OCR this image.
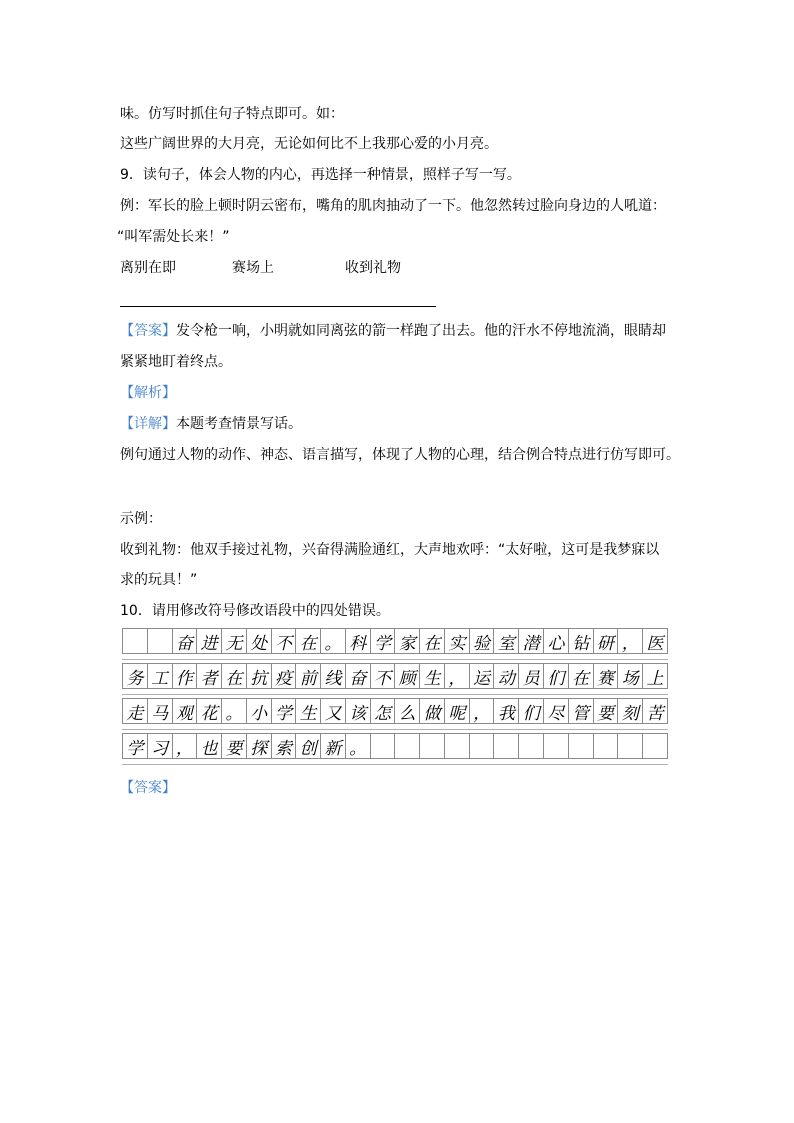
味。仿写时抓住句子特点即可。如：
这些广阔世界的大月亮，无论如何比不上我那心爱的小月亮。
9．读句子，体会人物的内心，再选择一种情景，照样子写一写。
例：军长的脸上顿时阴云密布，嘴角的肌肉抽动了一下。他忽然转过脸向身边的人吼道：
“叫军需处长来！”
离别在即	赛场上	收到礼物
【答案】发令枪一响，小明就如同离弦的箭一样跑了出去。他的汗水不停地流淌，眼睛却
紧紧地盯着终点。
【解析】
【详解】本题考查情景写话。
例句通过人物的动作、神态、语言描写，体现了人物的心理，结合例合特点进行仿写即可。
示例：
收到礼物：他双手接过礼物，兴奋得满脸通红，大声地欢呼：“太好啦，这可是我梦寐以
求的玩具！”
10．请用修改符号修改语段中的四处错误。
奋 进 无 处 不 在 。 科 学 家 在 实 验 室 潜 心 钻 研 ， 医
务 工 作 者 在 抗 疫 前 线 奋 不 顾 生 ， 运 动 员 们 在 赛 场 上
走 马 观 花 。 小 学 生 又 该 怎 么 做 呢 ， 我 们 尽 管 要 刻 苦
学 习 ， 也 要 探 索 创 新 。
【答案】
